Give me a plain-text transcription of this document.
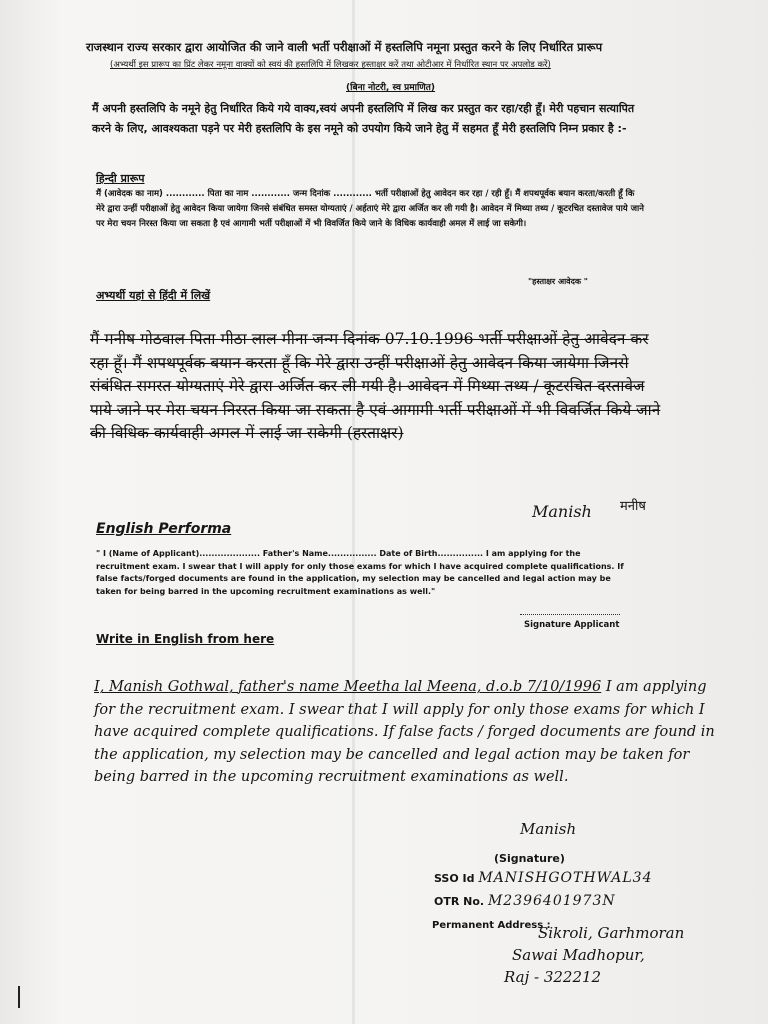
राजस्थान राज्य सरकार द्वारा आयोजित की जाने वाली भर्ती परीक्षाओं में हस्तलिपि नमूना प्रस्तुत करने के लिए निर्धारित प्रारूप
(अभ्यर्थी इस प्रारूप का प्रिंट लेकर नमूना वाक्यों को स्वयं की हस्तलिपि में लिखकर हस्ताक्षर करें तथा ओटीआर में निर्धारित स्थान पर अपलोड करें)
(बिना नोटरी, स्व प्रमाणित)
मैं अपनी हस्तलिपि के नमूने हेतु निर्धारित किये गये वाक्य,स्वयं अपनी हस्तलिपि में लिख कर प्रस्तुत कर रहा/रही हूँ। मेरी पहचान सत्यापित करने के लिए, आवश्यकता पड़ने पर मेरी हस्तलिपि के इस नमूने को उपयोग किये जाने हेतु में सहमत हूँ मेरी हस्तलिपि निम्न प्रकार है :-
हिन्दी प्रारूप
मैं (आवेदक का नाम) ............ पिता का नाम ............ जन्म दिनांक ............ भर्ती परीक्षाओं हेतु आवेदन कर रहा / रही हूँ। मैं शपथपूर्वक बयान करता/करती हूँ कि मेरे द्वारा उन्हीं परीक्षाओं हेतु आवेदन किया जायेगा जिनसे संबंधित समस्त योग्यताएं / अर्हताएं मेरे द्वारा अर्जित कर ली गयी है। आवेदन में मिथ्या तथ्य / कूटरचित दस्तावेज पाये जाने पर मेरा चयन निरस्त किया जा सकता है एवं आगामी भर्ती परीक्षाओं में भी विवर्जित किये जाने के विधिक कार्यवाही अमल में लाई जा सकेगी।
"हस्ताक्षर आवेदक "
अभ्यर्थी यहां से हिंदी में लिखें
मैं मनीष गोठवाल पिता मीठा लाल मीना जन्म दिनांक 07.10.1996 भर्ती परीक्षाओं हेतु आवेदन कर रहा हूँ। मैं शपथपूर्वक बयान करता हूँ कि मेरे द्वारा उन्हीं परीक्षाओं हेतु आवेदन किया जायेगा जिनसे संबंधित समस्त योग्यताएं मेरे द्वारा अर्जित कर ली गयी है। आवेदन में मिथ्या तथ्य / कूटरचित दस्तावेज पाये जाने पर मेरा चयन निरस्त किया जा सकता है एवं आगामी भर्ती परीक्षाओं में भी विवर्जित किये जाने की विधिक कार्यवाही अमल में लाई जा सकेगी (हस्ताक्षर)
Manish मनीष
English Performa
" I (Name of Applicant).................... Father's Name................ Date of Birth............... I am applying for the recruitment exam. I swear that I will apply for only those exams for which I have acquired complete qualifications. If false facts/forged documents are found in the application, my selection may be cancelled and legal action may be taken for being barred in the upcoming recruitment examinations as well."
Signature Applicant
Write in English from here
I, Manish Gothwal, father's name Meetha lal Meena, d.o.b 7/10/1996 I am applying for the recruitment exam. I swear that I will apply for only those exams for which I have acquired complete qualifications. If false facts / forged documents are found in the application, my selection may be cancelled and legal action may be taken for being barred in the upcoming recruitment examinations as well.
Manish
(Signature)
SSO Id MANISHGOTHWAL34
OTR No. M2396401973N
Permanent Address :
Sikroli, Garhmoran
Sawai Madhopur,
Raj - 322212
